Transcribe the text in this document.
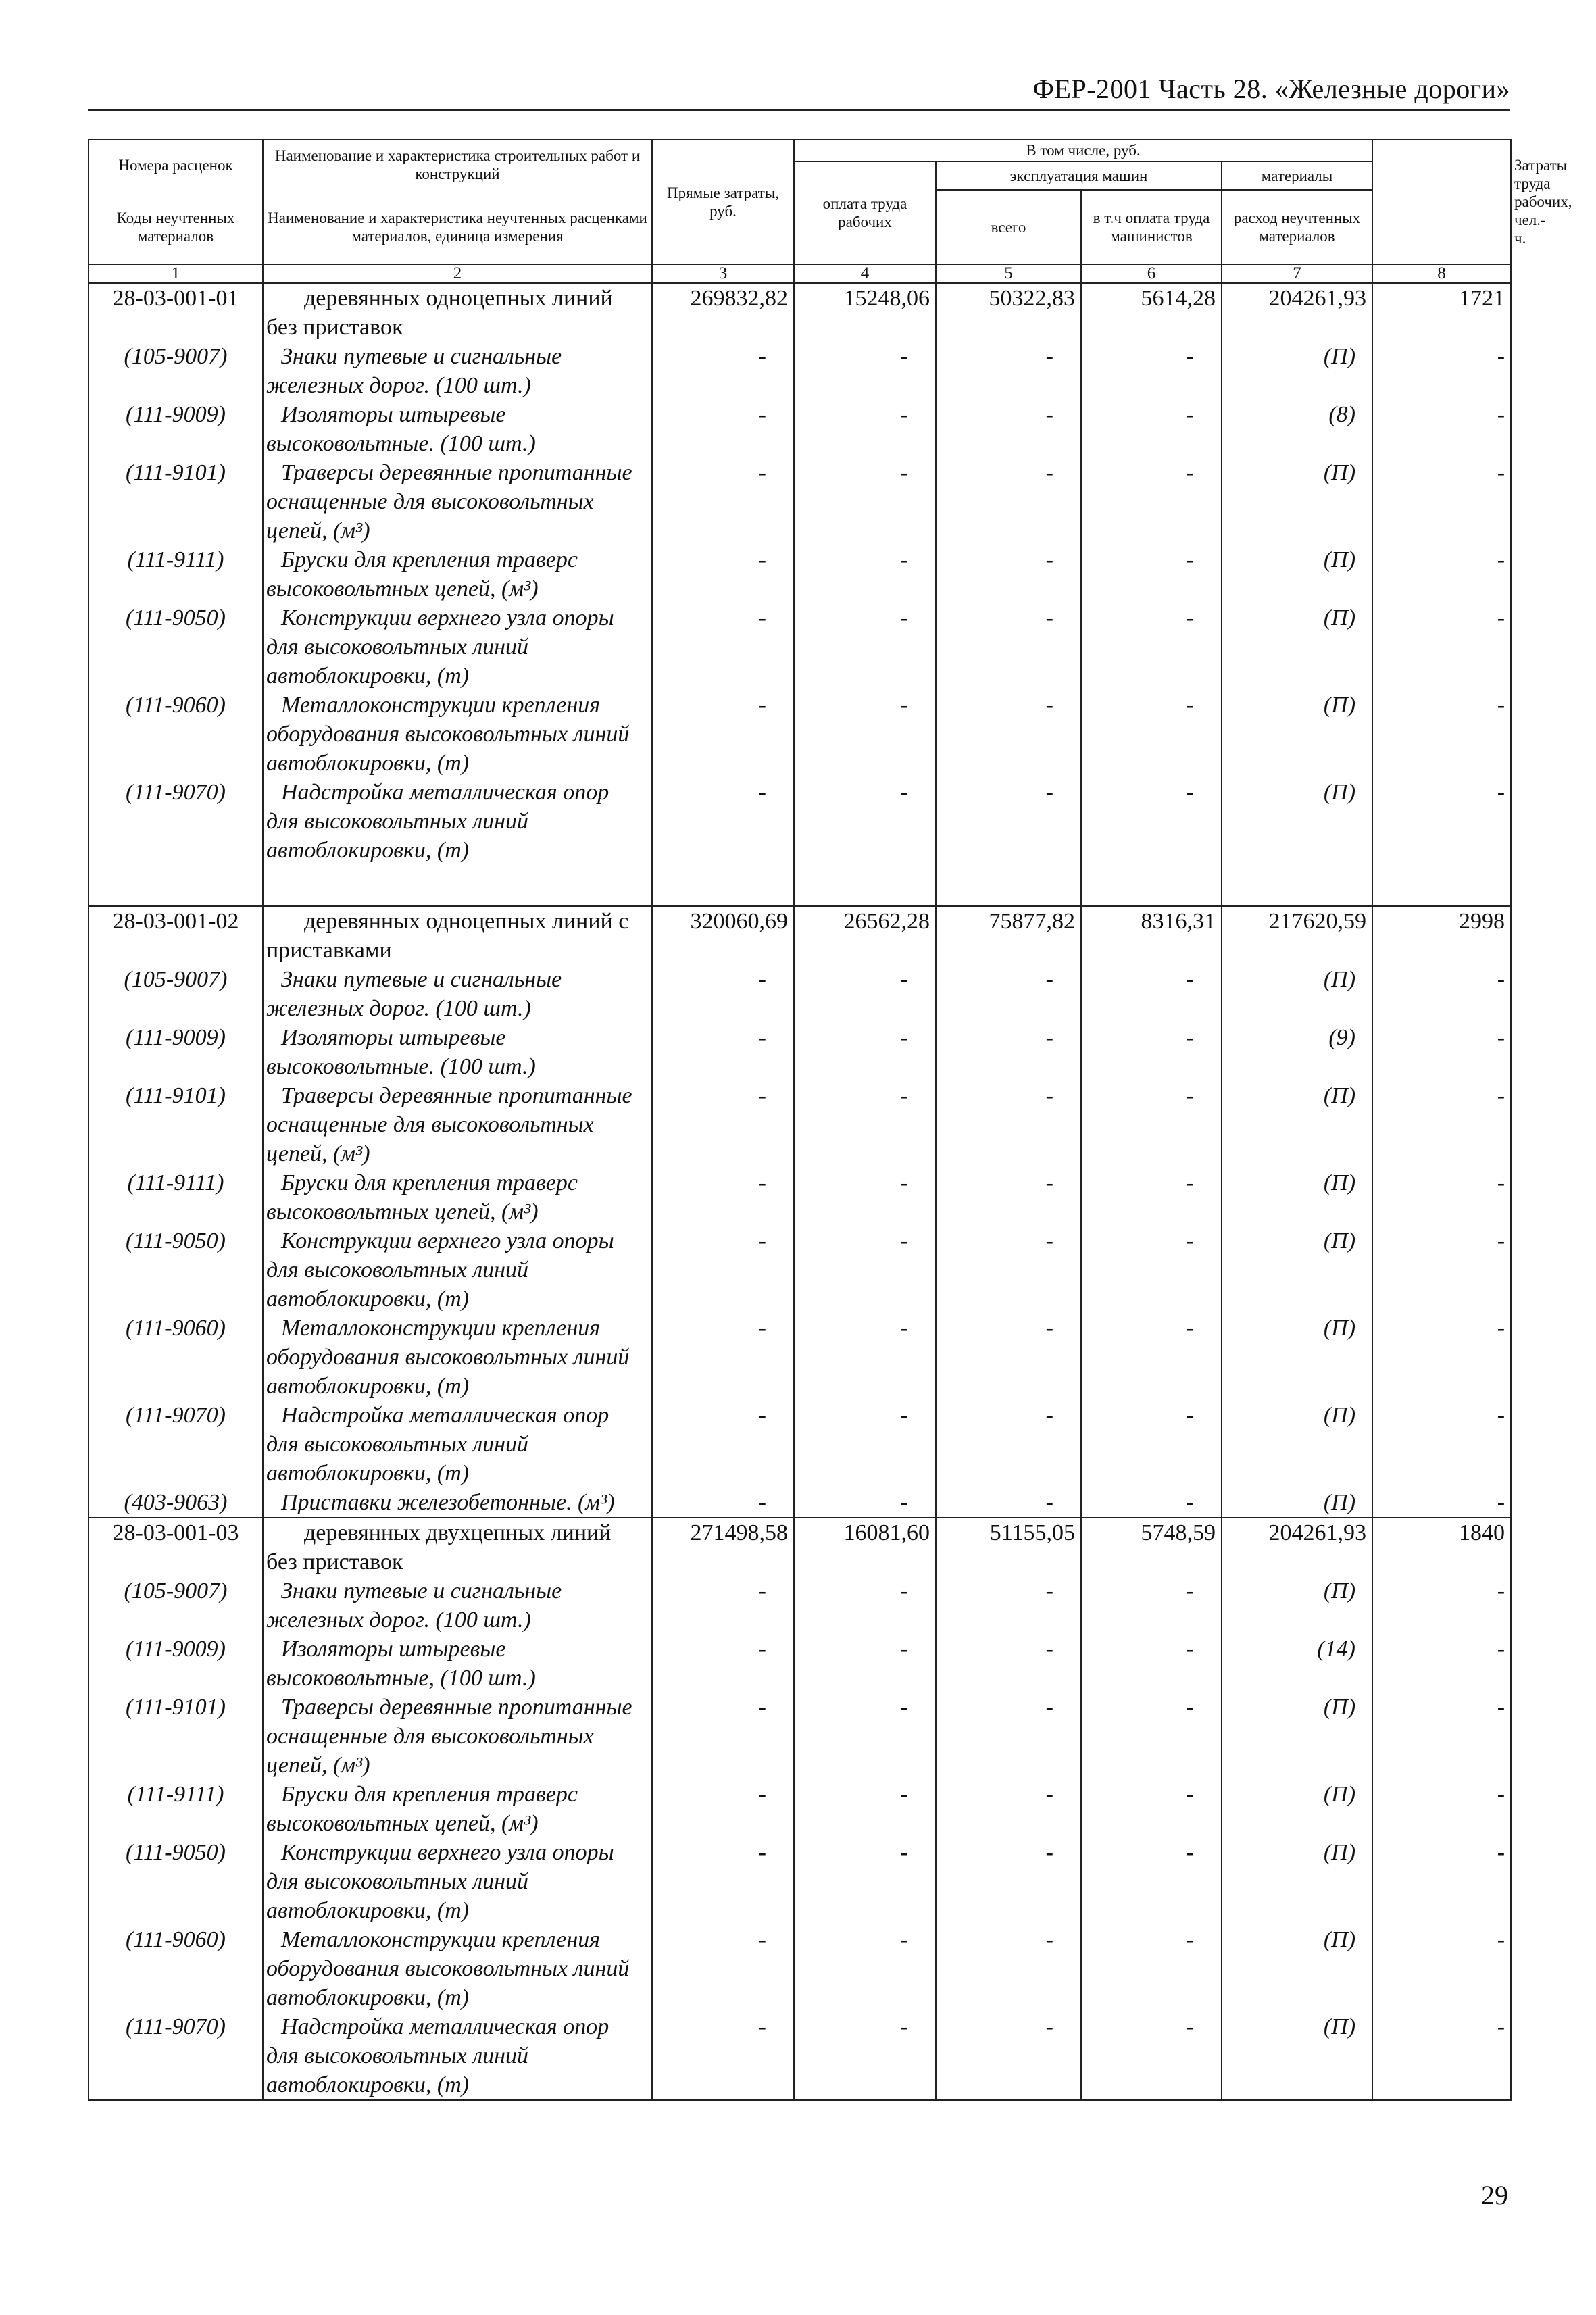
ФЕР-2001 Часть 28. «Железные дороги»
Номера расценок	Наименование и характеристика строительных работ и конструкций	Прямые затраты, руб.	В том числе, руб.					Затраты труда рабочих, чел.-ч.
			оплата труда рабочих	эксплуатация машин		материалы		
Коды неучтенных материалов	Наименование и характеристика неучтенных расценками материалов, единица измерения			всего	в т.ч оплата труда машинистов	расход неучтенных материалов		

1	2	3	4	5	6	7	8	
28-03-001-01	деревянных одноцепных линий без приставок	269832,82	15248,06	50322,83	5614,28	204261,93	1721	
(105-9007)	Знаки путевые и сигнальные железных дорог. (100 шт.)	-	-	-	-	(П)	-	
(111-9009)	Изоляторы штыревые высоковольтные. (100 шт.)	-	-	-	-	(8)	-	
(111-9101)	Траверсы деревянные пропитанные оснащенные для высоковольтных цепей, (м³)	-	-	-	-	(П)	-	
(111-9111)	Бруски для крепления траверс высоковольтных цепей, (м³)	-	-	-	-	(П)	-	
(111-9050)	Конструкции верхнего узла опоры для высоковольтных линий автоблокировки, (т)	-	-	-	-	(П)	-	
(111-9060)	Металлоконструкции крепления оборудования высоковольтных линий автоблокировки, (т)	-	-	-	-	(П)	-	
(111-9070)	Надстройка металлическая опор для высоковольтных линий автоблокировки, (т)	-	-	-	-	(П)	-	

28-03-001-02	деревянных одноцепных линий с приставками	320060,69	26562,28	75877,82	8316,31	217620,59	2998	
(105-9007)	Знаки путевые и сигнальные железных дорог. (100 шт.)	-	-	-	-	(П)	-	
(111-9009)	Изоляторы штыревые высоковольтные. (100 шт.)	-	-	-	-	(9)	-	
(111-9101)	Траверсы деревянные пропитанные оснащенные для высоковольтных цепей, (м³)	-	-	-	-	(П)	-	
(111-9111)	Бруски для крепления траверс высоковольтных цепей, (м³)	-	-	-	-	(П)	-	
(111-9050)	Конструкции верхнего узла опоры для высоковольтных линий автоблокировки, (т)	-	-	-	-	(П)	-	
(111-9060)	Металлоконструкции крепления оборудования высоковольтных линий автоблокировки, (т)	-	-	-	-	(П)	-	
(111-9070)	Надстройка металлическая опор для высоковольтных линий автоблокировки, (т)	-	-	-	-	(П)	-	
(403-9063)	Приставки железобетонные. (м³)	-	-	-	-	(П)	-	
28-03-001-03	деревянных двухцепных линий без приставок	271498,58	16081,60	51155,05	5748,59	204261,93	1840	
(105-9007)	Знаки путевые и сигнальные железных дорог. (100 шт.)	-	-	-	-	(П)	-	
(111-9009)	Изоляторы штыревые высоковольтные, (100 шт.)	-	-	-	-	(14)	-	
(111-9101)	Траверсы деревянные пропитанные оснащенные для высоковольтных цепей, (м³)	-	-	-	-	(П)	-	
(111-9111)	Бруски для крепления траверс высоковольтных цепей, (м³)	-	-	-	-	(П)	-	
(111-9050)	Конструкции верхнего узла опоры для высоковольтных линий автоблокировки, (т)	-	-	-	-	(П)	-	
(111-9060)	Металлоконструкции крепления оборудования высоковольтных линий автоблокировки, (т)	-	-	-	-	(П)	-	
(111-9070)	Надстройка металлическая опор для высоковольтных линий автоблокировки, (т)	-	-	-	-	(П)	-	
29
